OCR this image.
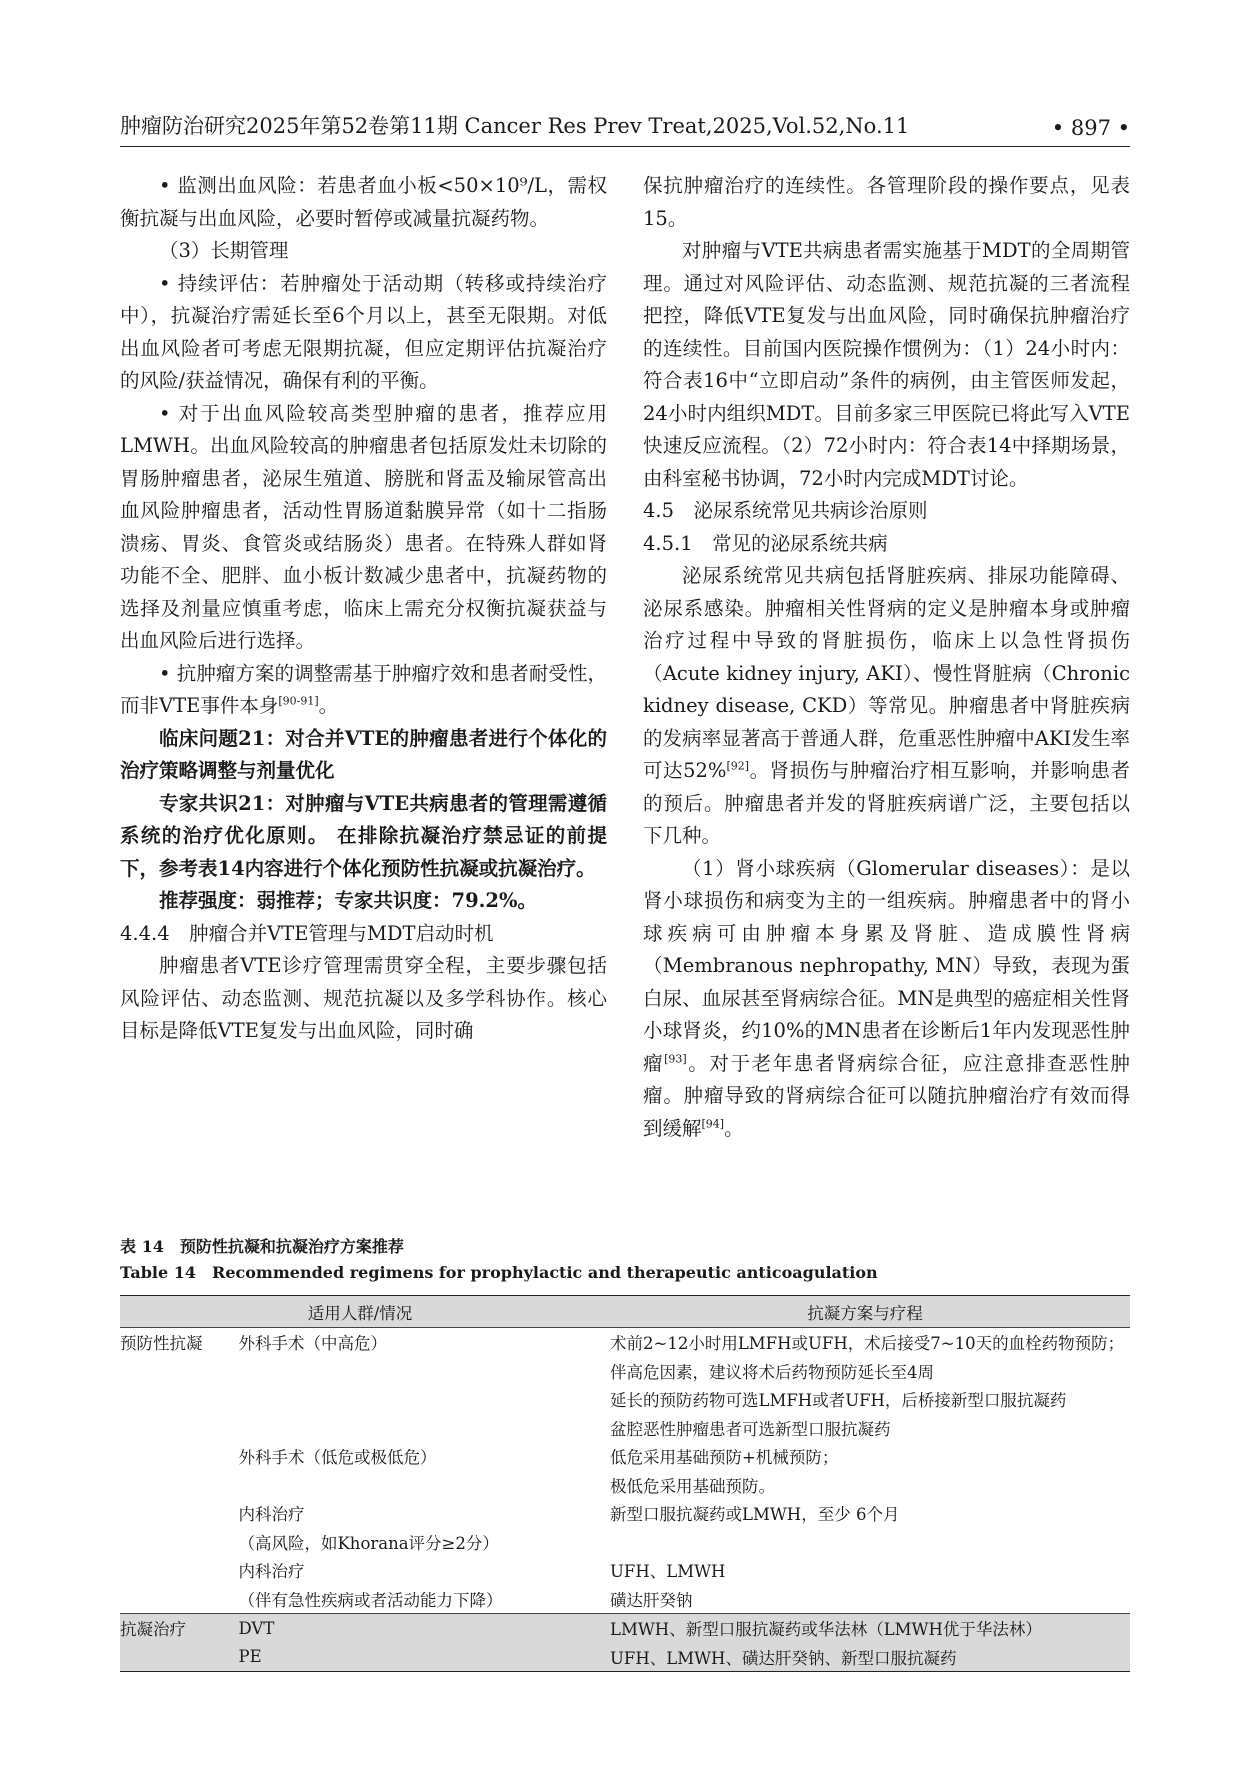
肿瘤防治研究2025年第52卷第11期 Cancer Res Prev Treat,2025,Vol.52,No.11	• 897 •

• 监测出血风险：若患者血小板<50×10⁹/L，需权衡抗凝与出血风险，必要时暂停或减量抗凝药物。

（3）长期管理

• 持续评估：若肿瘤处于活动期（转移或持续治疗中），抗凝治疗需延长至6个月以上，甚至无限期。对低出血风险者可考虑无限期抗凝，但应定期评估抗凝治疗的风险/获益情况，确保有利的平衡。

• 对于出血风险较高类型肿瘤的患者，推荐应用LMWH。出血风险较高的肿瘤患者包括原发灶未切除的胃肠肿瘤患者，泌尿生殖道、膀胱和肾盂及输尿管高出血风险肿瘤患者，活动性胃肠道黏膜异常（如十二指肠溃疡、胃炎、食管炎或结肠炎）患者。在特殊人群如肾功能不全、肥胖、血小板计数减少患者中，抗凝药物的选择及剂量应慎重考虑，临床上需充分权衡抗凝获益与出血风险后进行选择。

• 抗肿瘤方案的调整需基于肿瘤疗效和患者耐受性，而非VTE事件本身[90-91]。

临床问题21：对合并VTE的肿瘤患者进行个体化的治疗策略调整与剂量优化

专家共识21：对肿瘤与VTE共病患者的管理需遵循系统的治疗优化原则。 在排除抗凝治疗禁忌证的前提下，参考表14内容进行个体化预防性抗凝或抗凝治疗。

推荐强度：弱推荐；专家共识度：79.2%。

4.4.4　肿瘤合并VTE管理与MDT启动时机

肿瘤患者VTE诊疗管理需贯穿全程，主要步骤包括风险评估、动态监测、规范抗凝以及多学科协作。核心目标是降低VTE复发与出血风险，同时确

保抗肿瘤治疗的连续性。各管理阶段的操作要点，见表15。

对肿瘤与VTE共病患者需实施基于MDT的全周期管理。通过对风险评估、动态监测、规范抗凝的三者流程把控，降低VTE复发与出血风险，同时确保抗肿瘤治疗的连续性。目前国内医院操作惯例为：（1）24小时内：符合表16中“立即启动”条件的病例，由主管医师发起，24小时内组织MDT。目前多家三甲医院已将此写入VTE快速反应流程。（2）72小时内：符合表14中择期场景，由科室秘书协调，72小时内完成MDT讨论。

4.5　泌尿系统常见共病诊治原则

4.5.1　常见的泌尿系统共病

泌尿系统常见共病包括肾脏疾病、排尿功能障碍、泌尿系感染。肿瘤相关性肾病的定义是肿瘤本身或肿瘤治疗过程中导致的肾脏损伤，临床上以急性肾损伤（Acute kidney injury, AKI）、慢性肾脏病（Chronic kidney disease, CKD）等常见。肿瘤患者中肾脏疾病的发病率显著高于普通人群，危重恶性肿瘤中AKI发生率可达52%[92]。肾损伤与肿瘤治疗相互影响，并影响患者的预后。肿瘤患者并发的肾脏疾病谱广泛，主要包括以下几种。

（1）肾小球疾病（Glomerular diseases）：是以肾小球损伤和病变为主的一组疾病。肿瘤患者中的肾小球疾病可由肿瘤本身累及肾脏、造成膜性肾病（Membranous nephropathy, MN）导致，表现为蛋白尿、血尿甚至肾病综合征。MN是典型的癌症相关性肾小球肾炎，约10%的MN患者在诊断后1年内发现恶性肿瘤[93]。对于老年患者肾病综合征，应注意排查恶性肿瘤。肿瘤导致的肾病综合征可以随抗肿瘤治疗有效而得到缓解[94]。

表 14　预防性抗凝和抗凝治疗方案推荐
Table 14　Recommended regimens for prophylactic and therapeutic anticoagulation
适用人群/情况		抗凝方案与疗程
预防性抗凝	外科手术（中高危）	术前2~12小时用LMFH或UFH，术后接受7~10天的血栓药物预防；
		伴高危因素，建议将术后药物预防延长至4周
		延长的预防药物可选LMFH或者UFH，后桥接新型口服抗凝药
		盆腔恶性肿瘤患者可选新型口服抗凝药
	外科手术（低危或极低危）	低危采用基础预防+机械预防；
		极低危采用基础预防。
	内科治疗	新型口服抗凝药或LMWH，至少 6个月
	（高风险，如Khorana评分≥2分）	
	内科治疗	UFH、LMWH
	（伴有急性疾病或者活动能力下降）	磺达肝癸钠
抗凝治疗	DVT	LMWH、新型口服抗凝药或华法林（LMWH优于华法林）
	PE	UFH、LMWH、磺达肝癸钠、新型口服抗凝药
